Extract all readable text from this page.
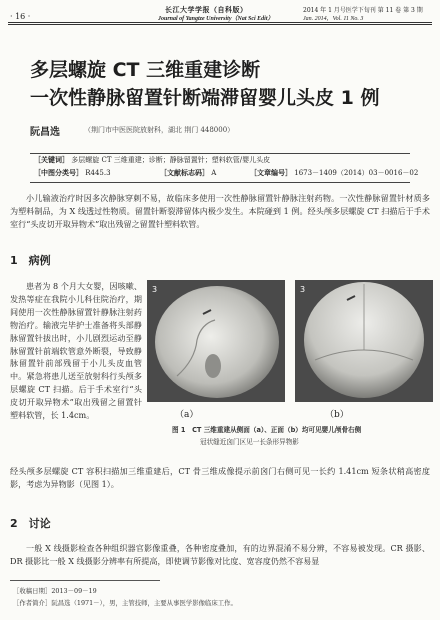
· 16 ·
长江大学学报（自科版）
Journal of Yangtze University（Nat Sci Edit）
2014 年 1 月号医学下旬刊 第 11 卷 第 3 期
Jan. 2014，Vol. 11 No. 3
多层螺旋 CT 三维重建诊断
一次性静脉留置针断端滞留婴儿头皮 1 例
阮昌选	（荆门市中医医院放射科，湖北 荆门 448000）
［关键词］ 多层螺旋 CT 三维重建；诊断；静脉留置针；塑料软管/婴儿头皮
［中图分类号］ R445.3	［文献标志码］ A	［文章编号］ 1673－1409（2014）03－0016－02
小儿输液治疗时因多次静脉穿刺不易，故临床多使用一次性静脉留置针静脉注射药物。一次性静脉留置针材质多为塑料制品，为 X 线透过性物质。留置针断裂滞留体内极少发生。本院碰到 1 例。经头颅多层螺旋 CT 扫描后于手术室行“头皮切开取异物术”取出残留之留置针塑料软管。
1　病例
患者为 8 个月大女婴，因咳嗽、发热等症在我院小儿科住院治疗，期间使用一次性静脉留置针静脉注射药物治疗。输液完毕护士准备将头部静脉留置针拔出时，小儿剧烈运动至静脉留置针前端软管意外断裂，导致静脉留置针前部残留于小儿头皮血管中。紧急将患儿送至放射科行头颅多层螺旋 CT 扫描。后于手术室行“头皮切开取异物术”取出残留之留置针塑料软管，长 1.4cm。
3	3
（a）	（b）
图 1　CT 三维重建从侧面（a）、正面（b）均可见婴儿颅骨右侧
冠状缝近囟门区见一长条形异物影
经头颅多层螺旋 CT 容积扫描加三维重建后，CT 骨三维成像提示前囟门右侧可见一长约 1.41cm 短条状稍高密度影，考虑为异物影（见图 1）。
2　讨论
一般 X 线摄影检查各种组织器官影像重叠，各种密度叠加，有的边界混淆不易分辨，不容易被发现。CR 摄影、DR 摄影比一般 X 线摄影分辨率有所提高，即使调节影像对比度、宽容度仍然不容易显
［收稿日期］2013－09－19
［作者简介］阮昌选（1971－），男，主管技师，主要从事医学影像临床工作。
